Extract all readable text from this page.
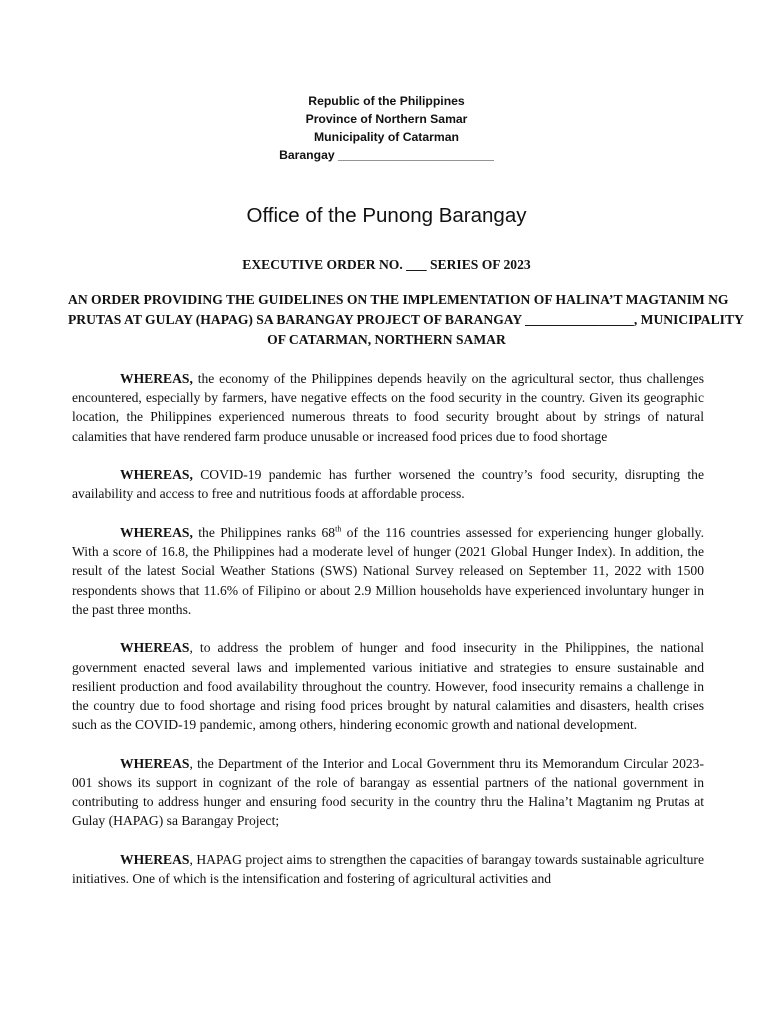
Republic of the Philippines
Province of Northern Samar
Municipality of Catarman
Barangay _______________________
Office of the Punong Barangay
EXECUTIVE ORDER NO. ___ SERIES OF 2023
AN ORDER PROVIDING THE GUIDELINES ON THE IMPLEMENTATION OF HALINA’T MAGTANIM NG
PRUTAS AT GULAY (HAPAG) SA BARANGAY PROJECT OF BARANGAY ________________, MUNICIPALITY
OF CATARMAN, NORTHERN SAMAR

WHEREAS, the economy of the Philippines depends heavily on the agricultural sector, thus challenges encountered, especially by farmers, have negative effects on the food security in the country. Given its geographic location, the Philippines experienced numerous threats to food security brought about by strings of natural calamities that have rendered farm produce unusable or increased food prices due to food shortage

WHEREAS, COVID-19 pandemic has further worsened the country’s food security, disrupting the availability and access to free and nutritious foods at affordable process.

WHEREAS, the Philippines ranks 68th of the 116 countries assessed for experiencing hunger globally. With a score of 16.8, the Philippines had a moderate level of hunger (2021 Global Hunger Index). In addition, the result of the latest Social Weather Stations (SWS) National Survey released on September 11, 2022 with 1500 respondents shows that 11.6% of Filipino or about 2.9 Million households have experienced involuntary hunger in the past three months.

WHEREAS, to address the problem of hunger and food insecurity in the Philippines, the national government enacted several laws and implemented various initiative and strategies to ensure sustainable and resilient production and food availability throughout the country. However, food insecurity remains a challenge in the country due to food shortage and rising food prices brought by natural calamities and disasters, health crises such as the COVID-19 pandemic, among others, hindering economic growth and national development.

WHEREAS, the Department of the Interior and Local Government thru its Memorandum Circular 2023-001 shows its support in cognizant of the role of barangay as essential partners of the national government in contributing to address hunger and ensuring food security in the country thru the Halina’t Magtanim ng Prutas at Gulay (HAPAG) sa Barangay Project;

WHEREAS, HAPAG project aims to strengthen the capacities of barangay towards sustainable agriculture initiatives. One of which is the intensification and fostering of agricultural activities and
